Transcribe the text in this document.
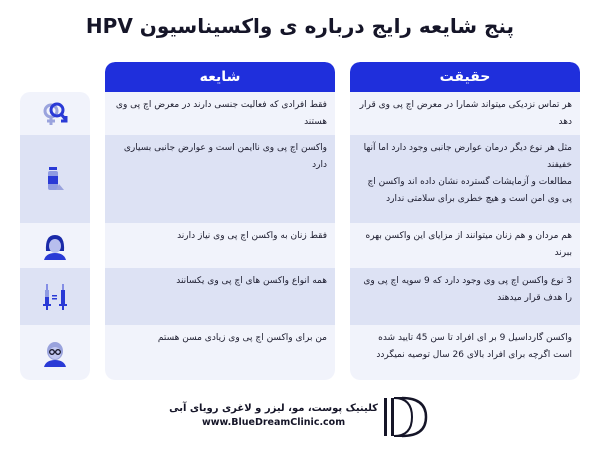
پنج شایعه رایج درباره ی واکسیناسیون HPV
شایعه
فقط افرادی که فعالیت جنسی دارند در معرض اچ پی وی هستند
واکسن اچ پی وی ناایمن است و عوارض جانبی بسیاری دارد
فقط زنان به واکسن اچ پی وی نیاز دارند
همه انواع واکسن های اچ پی وی یکسانند
من برای واکسن اچ پی وی زیادی مسن هستم
حقیقت
هر تماس نزدیکی میتواند شمارا در معرض اچ پی وی قرار دهد
مثل هر نوع دیگر درمان عوارض جانبی وجود دارد اما آنها خفیفند
مطالعات و آزمایشات گسترده نشان داده اند واکسن اچ پی وی امن است و هیچ خطری برای سلامتی ندارد
هم مردان و هم زنان میتوانند از مزایای این واکسن بهره ببرند
3 نوع واکسن اچ پی وی وجود دارد که 9 سویه اچ پی وی را هدف قرار میدهند
واکسن گارداسیل 9 بر ای افراد تا سن 45 تایید شده است اگرچه برای افراد بالای 26 سال توصیه نمیگردد
کلینیک پوست، مو، لیزر و لاغری رویای آبی
www.BlueDreamClinic.com
